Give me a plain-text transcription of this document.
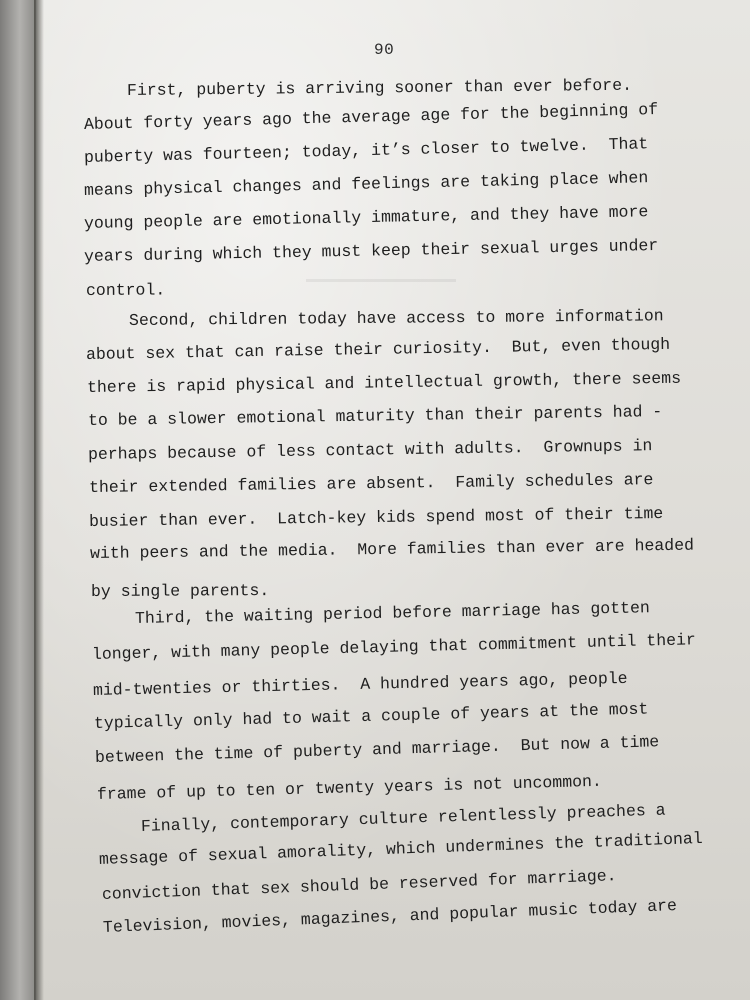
90
First, puberty is arriving sooner than ever before.
About forty years ago the average age for the beginning of
puberty was fourteen; today, it’s closer to twelve.  That
means physical changes and feelings are taking place when
young people are emotionally immature, and they have more
years during which they must keep their sexual urges under
control.
Second, children today have access to more information
about sex that can raise their curiosity.  But, even though
there is rapid physical and intellectual growth, there seems
to be a slower emotional maturity than their parents had -
perhaps because of less contact with adults.  Grownups in
their extended families are absent.  Family schedules are
busier than ever.  Latch-key kids spend most of their time
with peers and the media.  More families than ever are headed
by single parents.
Third, the waiting period before marriage has gotten
longer, with many people delaying that commitment until their
mid-twenties or thirties.  A hundred years ago, people
typically only had to wait a couple of years at the most
between the time of puberty and marriage.  But now a time
frame of up to ten or twenty years is not uncommon.
Finally, contemporary culture relentlessly preaches a
message of sexual amorality, which undermines the traditional
conviction that sex should be reserved for marriage.
Television, movies, magazines, and popular music today are
